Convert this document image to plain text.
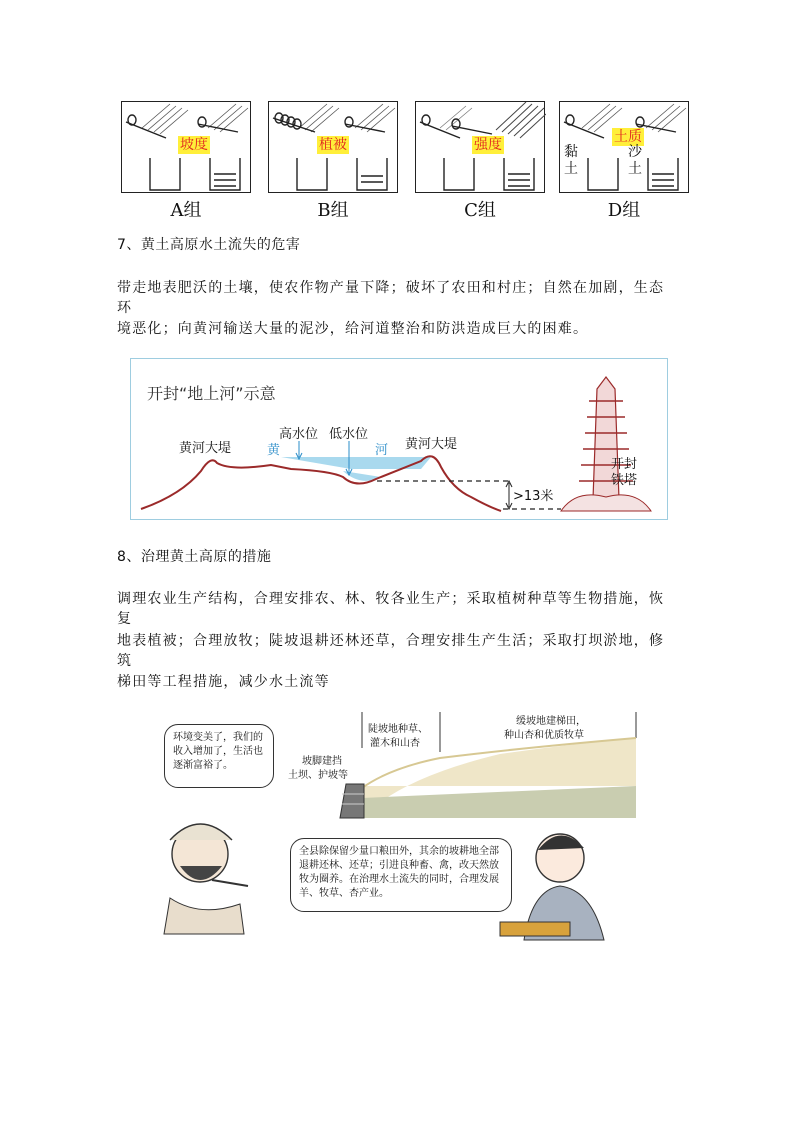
坡度
A组
植被
B组
强度
C组
土质
黏土
沙土
D组
7、黄土高原水土流失的危害
带走地表肥沃的土壤，使农作物产量下降；破坏了农田和村庄；自然在加剧，生态环
境恶化；向黄河输送大量的泥沙，给河道整治和防洪造成巨大的困难。
开封“地上河”示意
黄河大堤	黄
高水位 低水位
河 黄河大堤
>13米
开封
铁塔
8、治理黄土高原的措施
调理农业生产结构，合理安排农、林、牧各业生产；采取植树种草等生物措施，恢复
地表植被；合理放牧；陡坡退耕还林还草，合理安排生产生活；采取打坝淤地，修筑
梯田等工程措施，减少水土流等
坡脚建挡
土坝、护坡等
陡坡地种草、
灌木和山杏
缓坡地建梯田，
种山杏和优质牧草
环境变美了，我们的收入增加了，生活也逐渐富裕了。
全县除保留少量口粮田外，其余的坡耕地全部退耕还林、还草；引进良种畜、禽，改天然放牧为圈养。在治理水土流失的同时，合理发展羊、牧草、杏产业。
